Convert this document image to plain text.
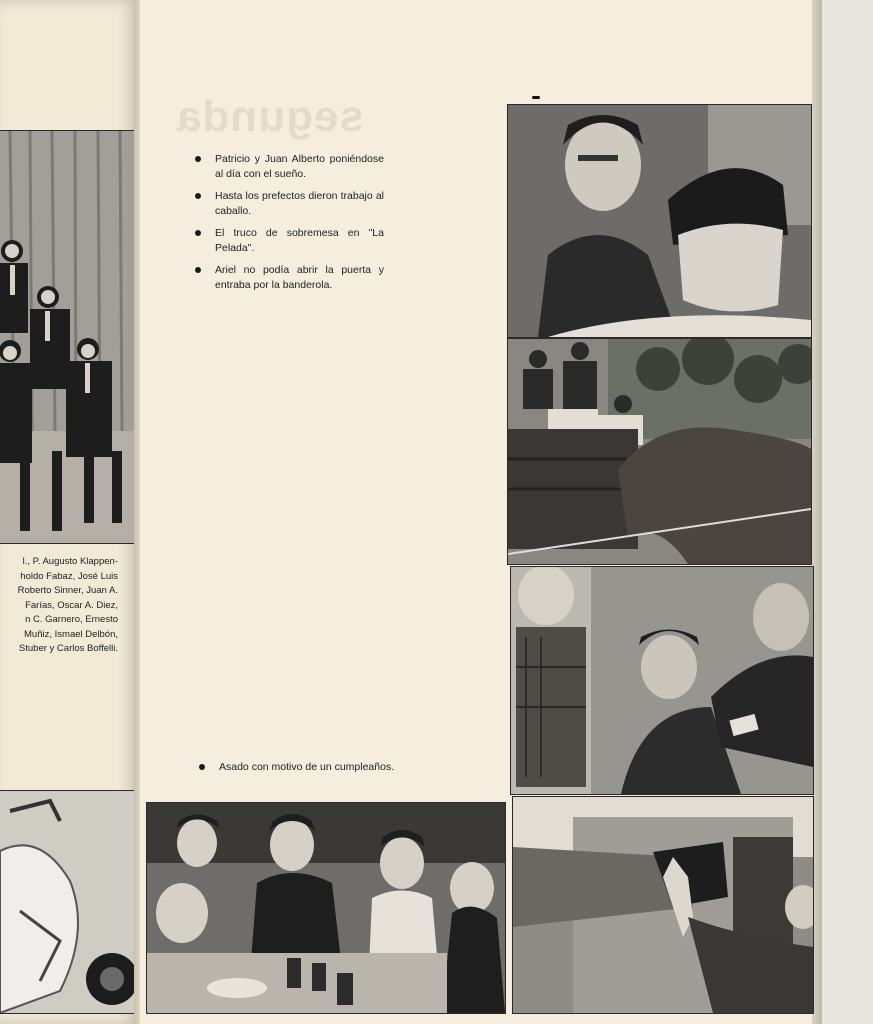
l., P. Augusto Klappen-
holdo Fabaz, José Luis
Roberto Sinner, Juan A.
Farías, Oscar A. Diez,
n C. Garnero, Ernesto
Muñiz, Ismael Delbón,
Stuber y Carlos Boffelli.
segunda
Patricio y Juan Alberto poniéndose al día con el sueño.
Hasta los prefectos dieron trabajo al caballo.
El truco de sobremesa en "La Pelada".
Ariel no podía abrir la puerta y entraba por la banderola.

Asado con motivo de un cumpleaños.
